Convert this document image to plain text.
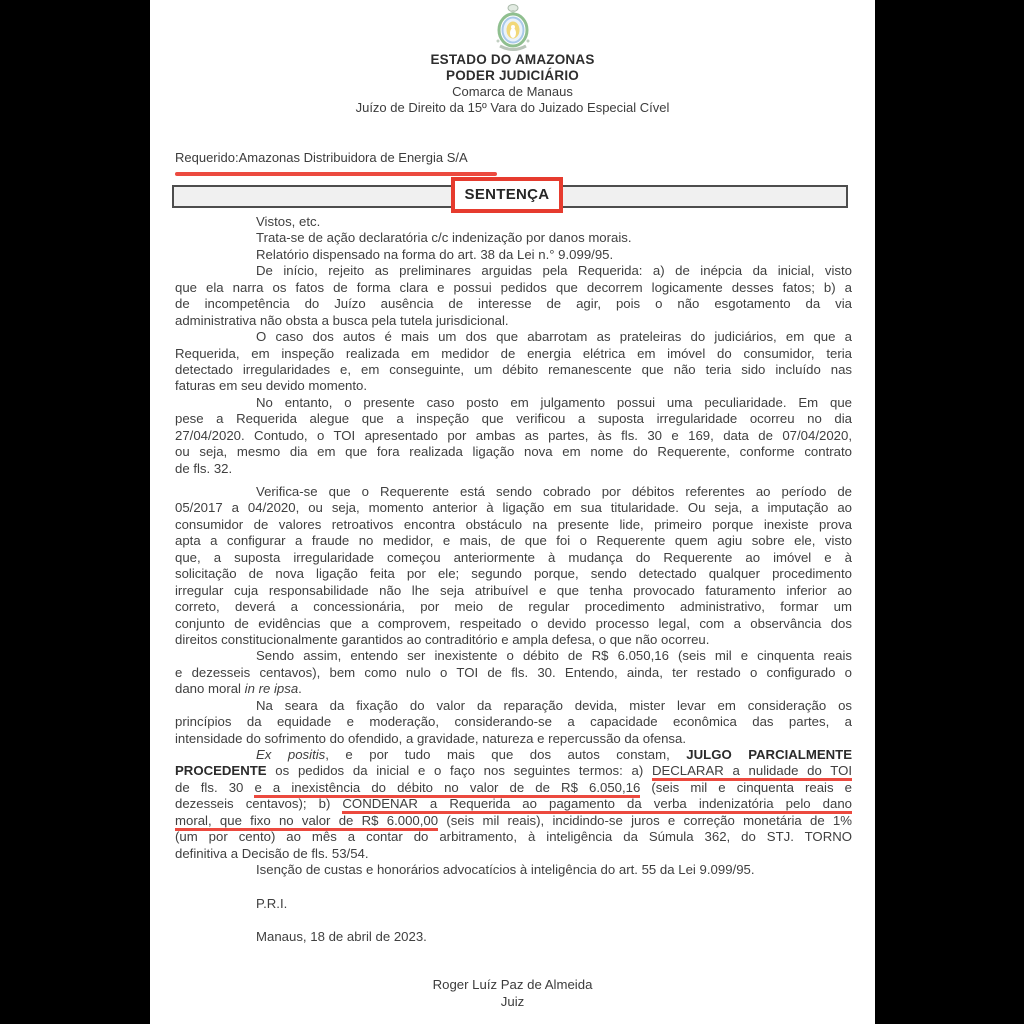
ESTADO DO AMAZONAS
PODER JUDICIÁRIO
Comarca de Manaus
Juízo de Direito da 15º Vara do Juizado Especial Cível
Requerido:Amazonas Distribuidora de Energia S/A
SENTENÇA
Vistos, etc.
Trata-se de ação declaratória c/c indenização por danos morais.
Relatório dispensado na forma do art. 38 da Lei n.° 9.099/95.
De início, rejeito as preliminares arguidas pela Requerida: a) de inépcia da inicial, visto
que ela narra os fatos de forma clara e possui pedidos que decorrem logicamente desses fatos; b) a
de incompetência do Juízo ausência de interesse de agir, pois o não esgotamento da via
administrativa não obsta a busca pela tutela jurisdicional.
O caso dos autos é mais um dos que abarrotam as prateleiras do judiciários, em que a
Requerida, em inspeção realizada em medidor de energia elétrica em imóvel do consumidor, teria
detectado irregularidades e, em conseguinte, um débito remanescente que não teria sido incluído nas
faturas em seu devido momento.
No entanto, o presente caso posto em julgamento possui uma peculiaridade. Em que
pese a Requerida alegue que a inspeção que verificou a suposta irregularidade ocorreu no dia
27/04/2020. Contudo, o TOI apresentado por ambas as partes, às fls. 30 e 169, data de 07/04/2020,
ou seja, mesmo dia em que fora realizada ligação nova em nome do Requerente, conforme contrato
de fls. 32.
Verifica-se que o Requerente está sendo cobrado por débitos referentes ao período de
05/2017 a 04/2020, ou seja, momento anterior à ligação em sua titularidade. Ou seja, a imputação ao
consumidor de valores retroativos encontra obstáculo na presente lide, primeiro porque inexiste prova
apta a configurar a fraude no medidor, e mais, de que foi o Requerente quem agiu sobre ele, visto
que, a suposta irregularidade começou anteriormente à mudança do Requerente ao imóvel e à
solicitação de nova ligação feita por ele; segundo porque, sendo detectado qualquer procedimento
irregular cuja responsabilidade não lhe seja atribuível e que tenha provocado faturamento inferior ao
correto, deverá a concessionária, por meio de regular procedimento administrativo, formar um
conjunto de evidências que a comprovem, respeitado o devido processo legal, com a observância dos
direitos constitucionalmente garantidos ao contraditório e ampla defesa, o que não ocorreu.
Sendo assim, entendo ser inexistente o débito de R$ 6.050,16 (seis mil e cinquenta reais
e dezesseis centavos), bem como nulo o TOI de fls. 30. Entendo, ainda, ter restado o configurado o
dano moral in re ipsa.
Na seara da fixação do valor da reparação devida, mister levar em consideração os
princípios da equidade e moderação, considerando-se a capacidade econômica das partes, a
intensidade do sofrimento do ofendido, a gravidade, natureza e repercussão da ofensa.
Ex positis, e por tudo mais que dos autos constam, JULGO PARCIALMENTE
PROCEDENTE os pedidos da inicial e o faço nos seguintes termos: a) DECLARAR a nulidade do TOI
de fls. 30 e a inexistência do débito no valor de de R$ 6.050,16 (seis mil e cinquenta reais e
dezesseis centavos); b) CONDENAR a Requerida ao pagamento da verba indenizatória pelo dano
moral, que fixo no valor de R$ 6.000,00 (seis mil reais), incidindo-se juros e correção monetária de 1%
(um por cento) ao mês a contar do arbitramento, à inteligência da Súmula 362, do STJ. TORNO
definitiva a Decisão de fls. 53/54.
Isenção de custas e honorários advocatícios à inteligência do art. 55 da Lei 9.099/95.
P.R.I.
Manaus, 18 de abril de 2023.
Roger Luíz Paz de Almeida
Juiz
